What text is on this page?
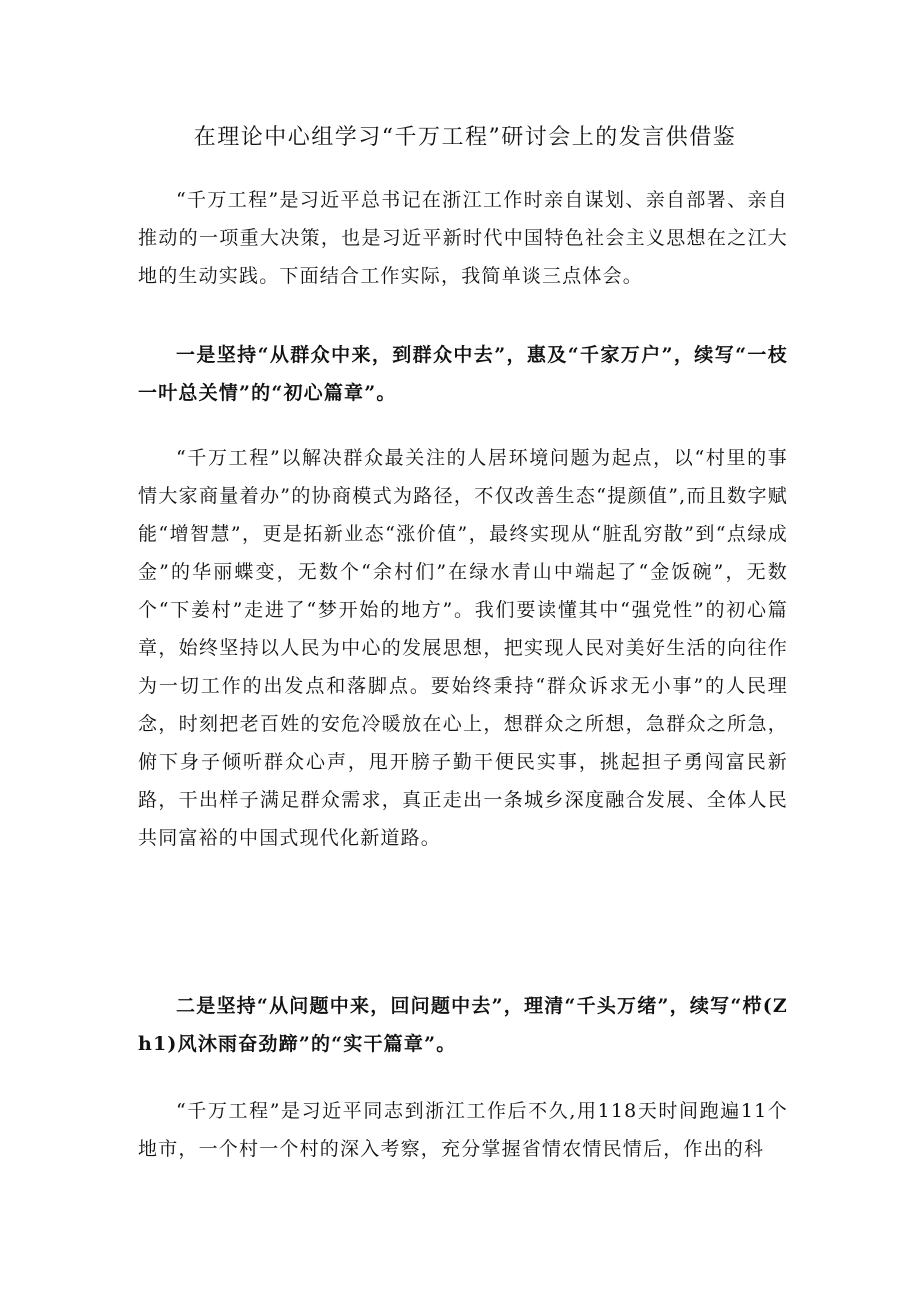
在理论中心组学习“千万工程”研讨会上的发言供借鉴

“千万工程”是习近平总书记在浙江工作时亲自谋划、亲自部署、亲自推动的一项重大决策，也是习近平新时代中国特色社会主义思想在之江大地的生动实践。下面结合工作实际，我简单谈三点体会。

一是坚持“从群众中来，到群众中去”，惠及“千家万户”，续写“一枝一叶总关情”的“初心篇章”。

“千万工程”以解决群众最关注的人居环境问题为起点，以“村里的事情大家商量着办”的协商模式为路径，不仅改善生态“提颜值”,而且数字赋能“增智慧”，更是拓新业态“涨价值”，最终实现从“脏乱穷散”到“点绿成金”的华丽蝶变，无数个“余村们”在绿水青山中端起了“金饭碗”，无数个“下姜村”走进了“梦开始的地方”。我们要读懂其中“强党性”的初心篇章，始终坚持以人民为中心的发展思想，把实现人民对美好生活的向往作为一切工作的出发点和落脚点。要始终秉持“群众诉求无小事”的人民理念，时刻把老百姓的安危冷暖放在心上，想群众之所想，急群众之所急，俯下身子倾听群众心声，甩开膀子勤干便民实事，挑起担子勇闯富民新路，干出样子满足群众需求，真正走出一条城乡深度融合发展、全体人民共同富裕的中国式现代化新道路。

二是坚持“从问题中来，回问题中去”，理清“千头万绪”，续写“栉(Zh1)风沐雨奋劲蹄”的“实干篇章”。

“千万工程”是习近平同志到浙江工作后不久,用118天时间跑遍11个地市，一个村一个村的深入考察，充分掌握省情农情民情后，作出的科
